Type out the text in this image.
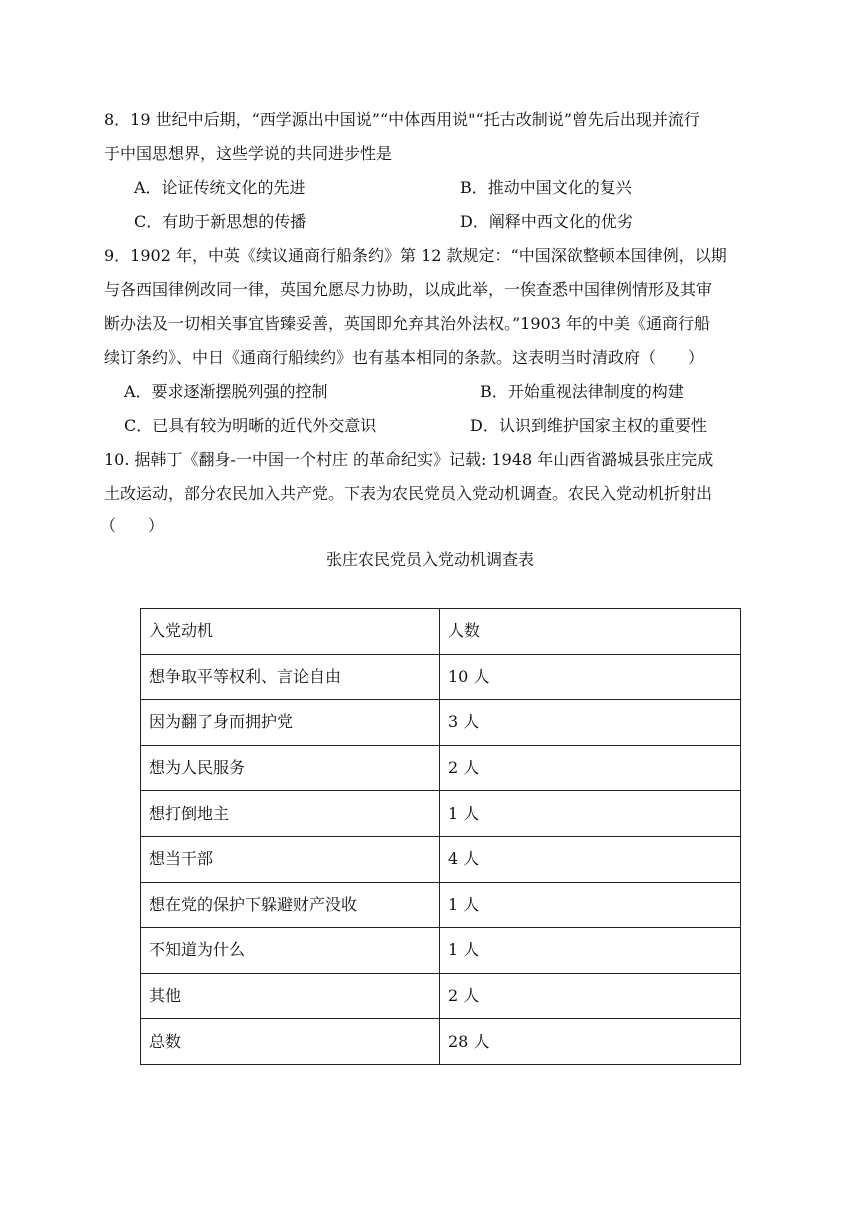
8．19 世纪中后期，“西学源出中国说”“中体西用说"“托古改制说”曾先后出现并流行
于中国思想界，这些学说的共同进步性是
A．论证传统文化的先进	B．推动中国文化的复兴
C．有助于新思想的传播	D．阐释中西文化的优劣
9．1902 年，中英《续议通商行船条约》第 12 款规定：“中国深欲整顿本国律例，以期
与各西国律例改同一律，英国允愿尽力协助，以成此举，一俟查悉中国律例情形及其审
断办法及一切相关事宜皆臻妥善，英国即允弃其治外法权。”1903 年的中美《通商行船
续订条约》、中日《通商行船续约》也有基本相同的条款。这表明当时清政府（　　）
A．要求逐渐摆脱列强的控制	B．开始重视法律制度的构建
C．已具有较为明晰的近代外交意识	D．认识到维护国家主权的重要性
10. 据韩丁《翻身-一中国一个村庄 的革命纪实》记载: 1948 年山西省潞城县张庄完成
土改运动，部分农民加入共产党。下表为农民党员入党动机调查。农民入党动机折射出
（　　）
张庄农民党员入党动机调查表
入党动机	人数
想争取平等权利、言论自由	10 人
因为翻了身而拥护党	3 人
想为人民服务	2 人
想打倒地主	1 人
想当干部	4 人
想在党的保护下躲避财产没收	1 人
不知道为什么	1 人
其他	2 人
总数	28 人
